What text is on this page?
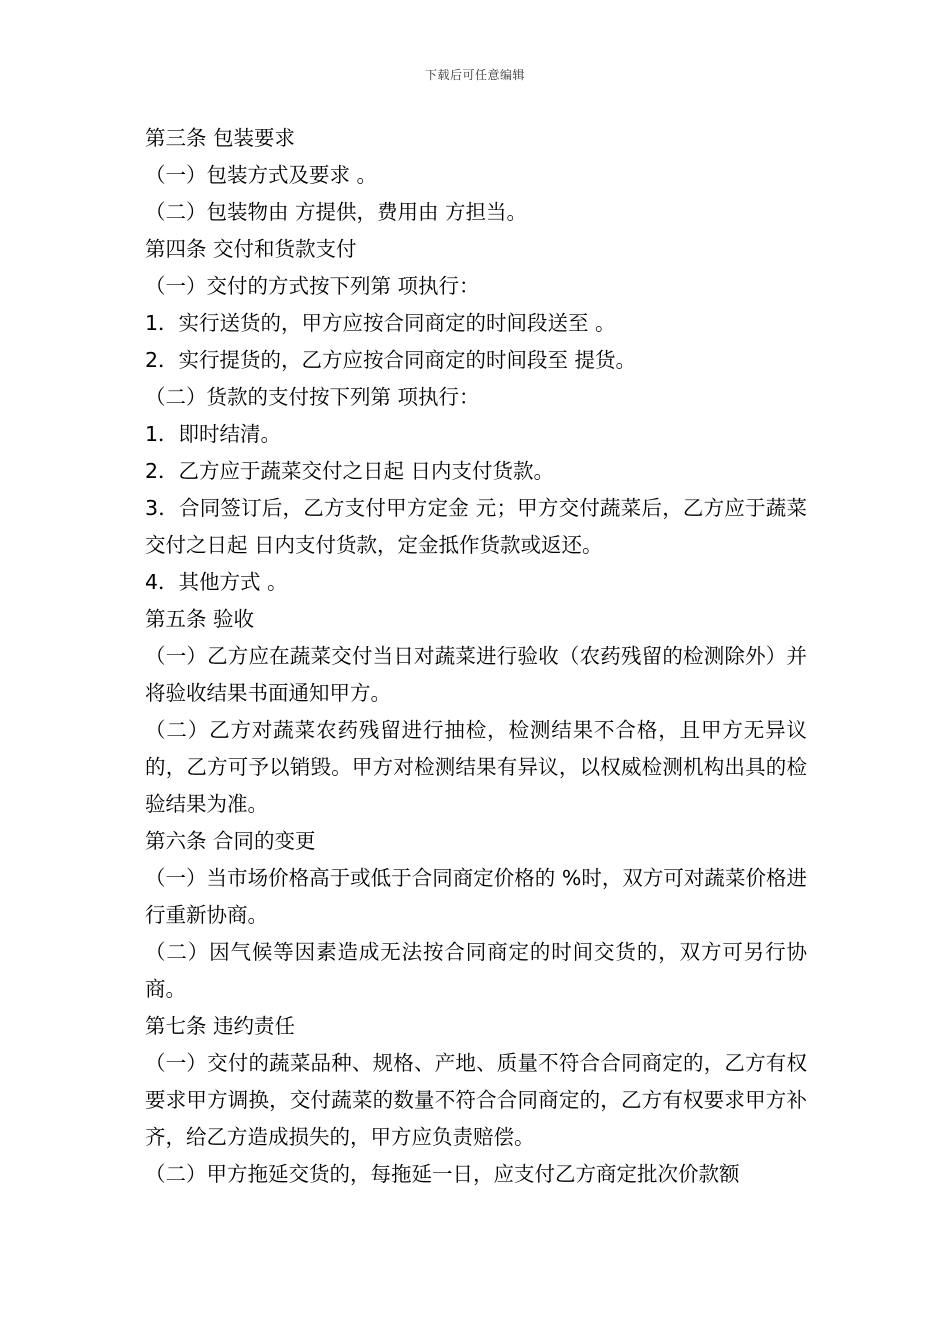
下载后可任意编辑

第三条 包装要求

（一）包装方式及要求 。

（二）包装物由 方提供，费用由 方担当。

第四条 交付和货款支付

（一）交付的方式按下列第 项执行：

1．实行送货的，甲方应按合同商定的时间段送至 。

2．实行提货的，乙方应按合同商定的时间段至 提货。

（二）货款的支付按下列第 项执行：

1．即时结清。

2．乙方应于蔬菜交付之日起 日内支付货款。

3．合同签订后，乙方支付甲方定金 元；甲方交付蔬菜后，乙方应于蔬菜交付之日起 日内支付货款，定金抵作货款或返还。

4．其他方式 。

第五条 验收

（一）乙方应在蔬菜交付当日对蔬菜进行验收（农药残留的检测除外）并将验收结果书面通知甲方。

（二）乙方对蔬菜农药残留进行抽检，检测结果不合格，且甲方无异议的，乙方可予以销毁。甲方对检测结果有异议，以权威检测机构出具的检验结果为准。

第六条 合同的变更

（一）当市场价格高于或低于合同商定价格的 %时，双方可对蔬菜价格进行重新协商。

（二）因气候等因素造成无法按合同商定的时间交货的，双方可另行协商。

第七条 违约责任

（一）交付的蔬菜品种、规格、产地、质量不符合合同商定的，乙方有权要求甲方调换，交付蔬菜的数量不符合合同商定的，乙方有权要求甲方补齐，给乙方造成损失的，甲方应负责赔偿。

（二）甲方拖延交货的，每拖延一日，应支付乙方商定批次价款额
